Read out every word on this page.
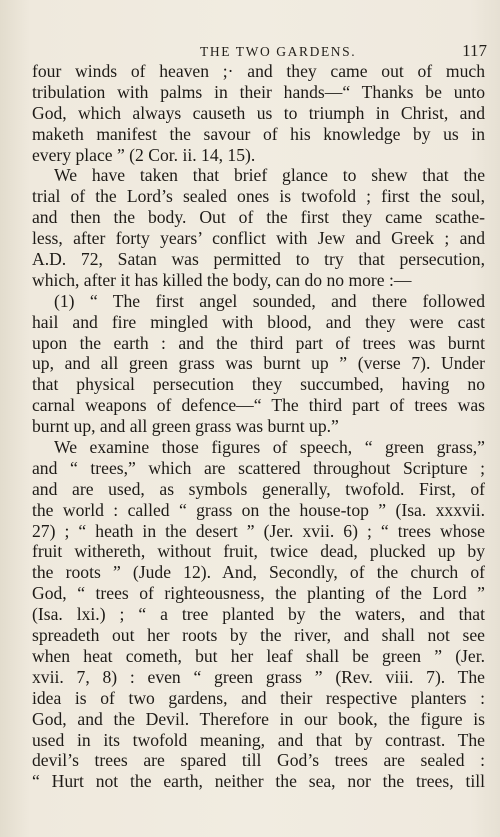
THE TWO GARDENS.	117
four winds of heaven ;· and they came out of much
tribulation with palms in their hands—“ Thanks be unto
God, which always causeth us to triumph in Christ, and
maketh manifest the savour of his knowledge by us in
every place ” (2 Cor. ii. 14, 15).
We have taken that brief glance to shew that the
trial of the Lord’s sealed ones is twofold ; first the soul,
and then the body. Out of the first they came scathe-
less, after forty years’ conflict with Jew and Greek ; and
A.D. 72, Satan was permitted to try that persecution,
which, after it has killed the body, can do no more :—
(1) “ The first angel sounded, and there followed
hail and fire mingled with blood, and they were cast
upon the earth : and the third part of trees was burnt
up, and all green grass was burnt up ” (verse 7). Under
that physical persecution they succumbed, having no
carnal weapons of defence—“ The third part of trees was
burnt up, and all green grass was burnt up.”
We examine those figures of speech, “ green grass,”
and “ trees,” which are scattered throughout Scripture ;
and are used, as symbols generally, twofold. First, of
the world : called “ grass on the house-top ” (Isa. xxxvii.
27) ; “ heath in the desert ” (Jer. xvii. 6) ; “ trees whose
fruit withereth, without fruit, twice dead, plucked up by
the roots ” (Jude 12). And, Secondly, of the church of
God, “ trees of righteousness, the planting of the Lord ”
(Isa. lxi.) ; “ a tree planted by the waters, and that
spreadeth out her roots by the river, and shall not see
when heat cometh, but her leaf shall be green ” (Jer.
xvii. 7, 8) : even “ green grass ” (Rev. viii. 7). The
idea is of two gardens, and their respective planters :
God, and the Devil. Therefore in our book, the figure is
used in its twofold meaning, and that by contrast. The
devil’s trees are spared till God’s trees are sealed :
“ Hurt not the earth, neither the sea, nor the trees, till
